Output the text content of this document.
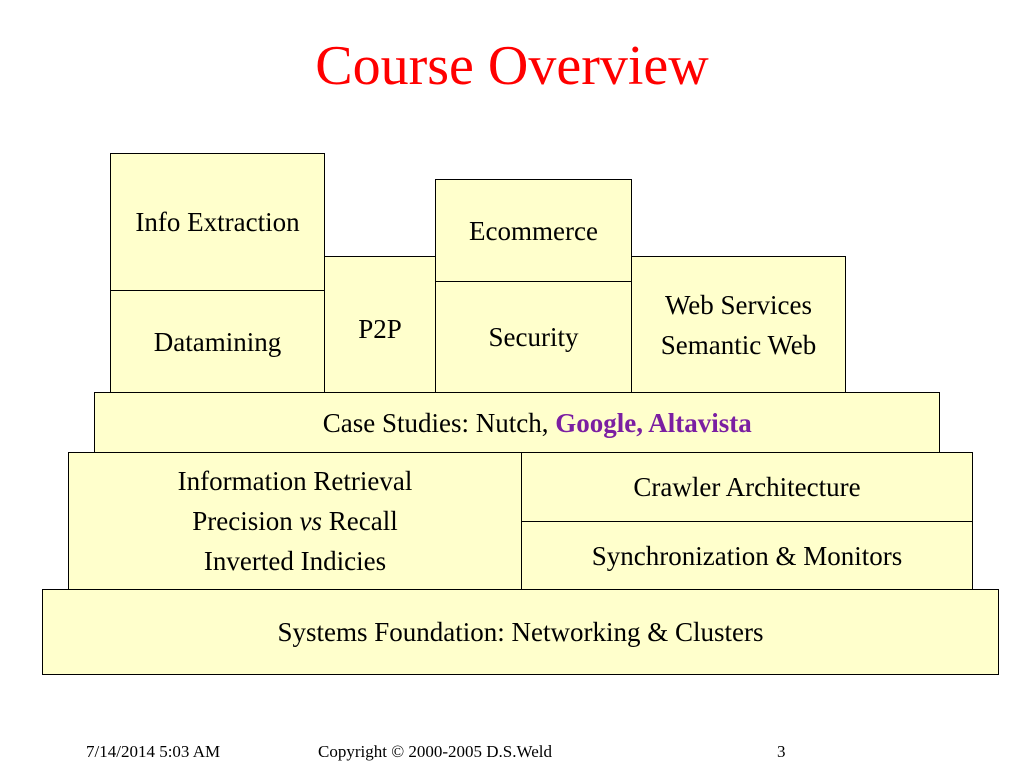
Course Overview
Info Extraction
Datamining	P2P
Ecommerce
Security
Web Services
Semantic Web

Case Studies: Nutch, Google, Altavista

Information Retrieval
Precision vs Recall
Inverted Indicies
Crawler Architecture
Synchronization & Monitors
Systems Foundation: Networking & Clusters
7/14/2014 5:03 AM	Copyright © 2000-2005 D.S.Weld	3
